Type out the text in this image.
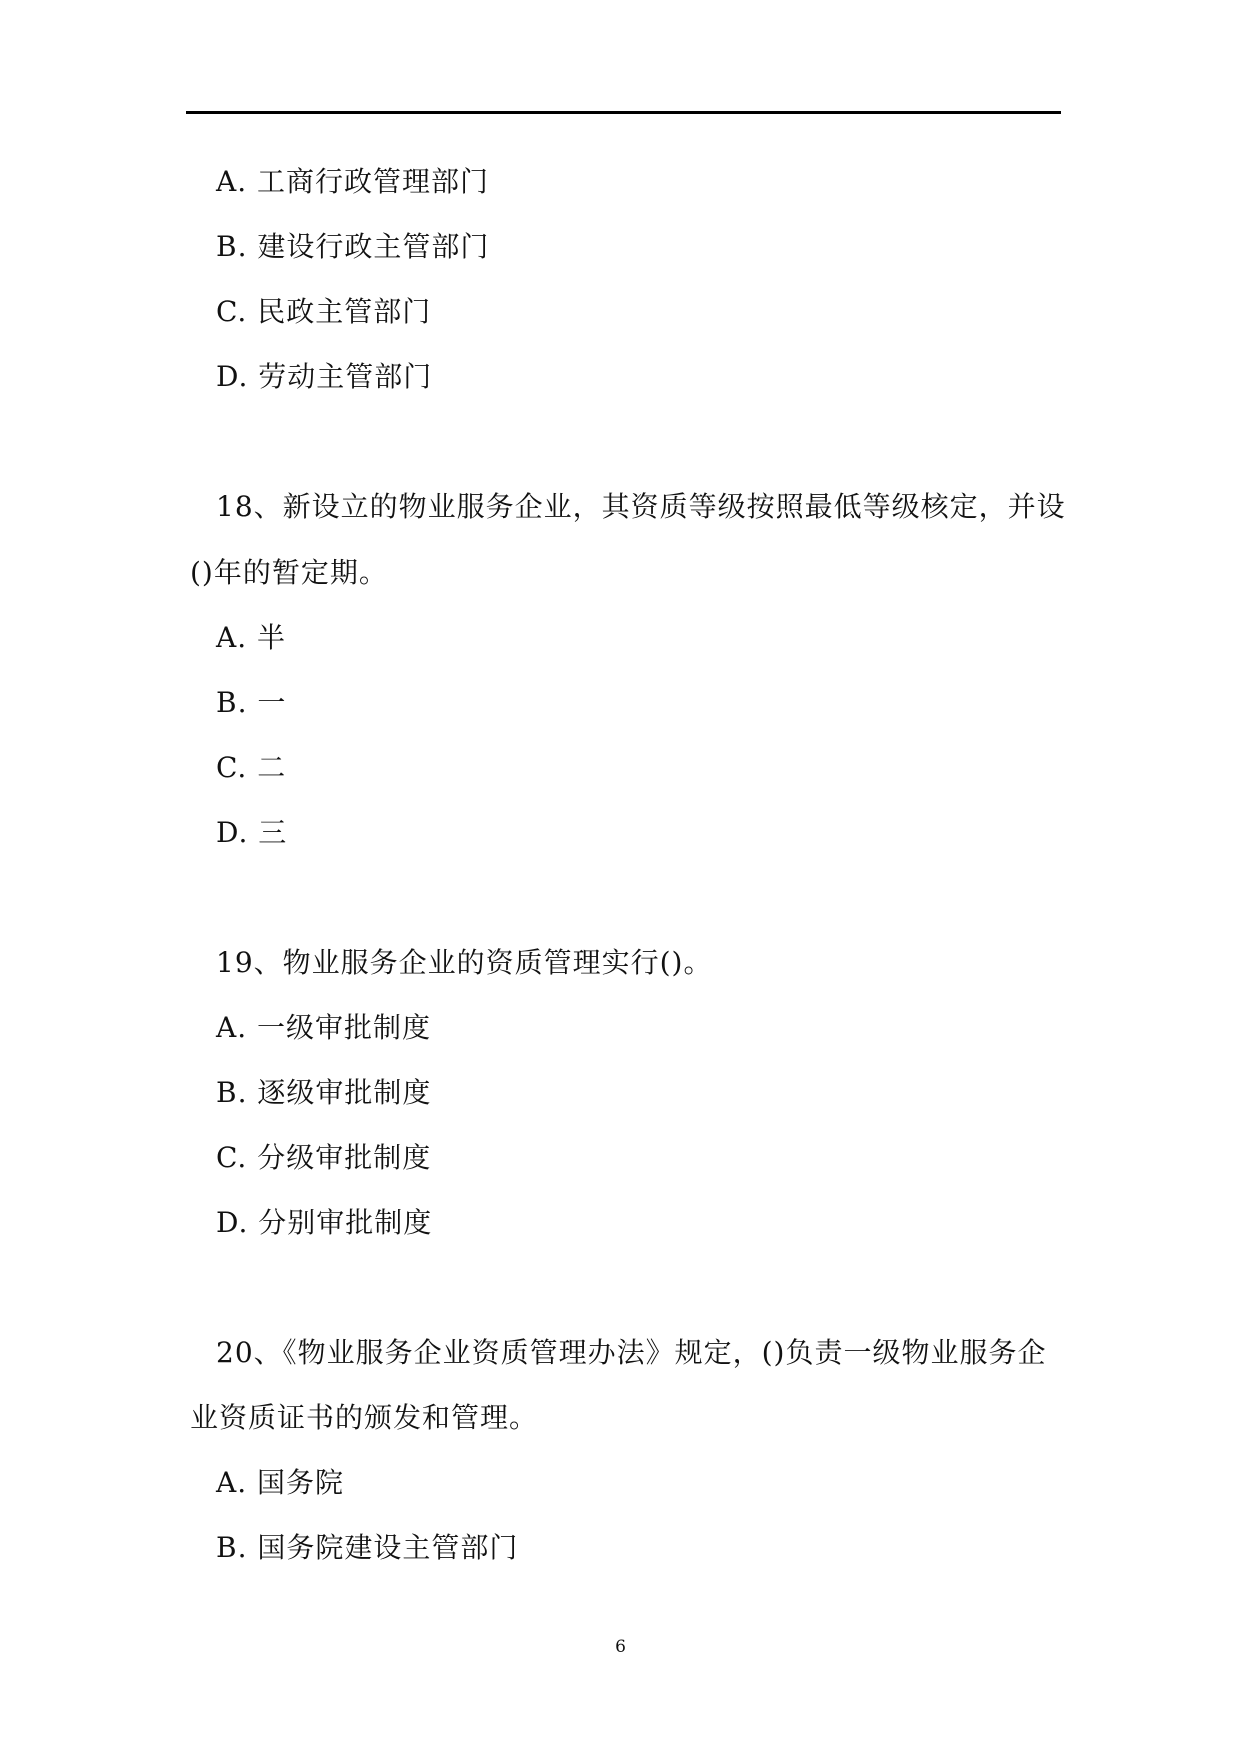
A. 工商行政管理部门
B. 建设行政主管部门
C. 民政主管部门
D. 劳动主管部门
18、新设立的物业服务企业，其资质等级按照最低等级核定，并设
()年的暂定期。
A. 半
B. 一
C. 二
D. 三
19、物业服务企业的资质管理实行()。
A. 一级审批制度
B. 逐级审批制度
C. 分级审批制度
D. 分别审批制度
20、《物业服务企业资质管理办法》规定，()负责一级物业服务企
业资质证书的颁发和管理。
A. 国务院
B. 国务院建设主管部门
6
